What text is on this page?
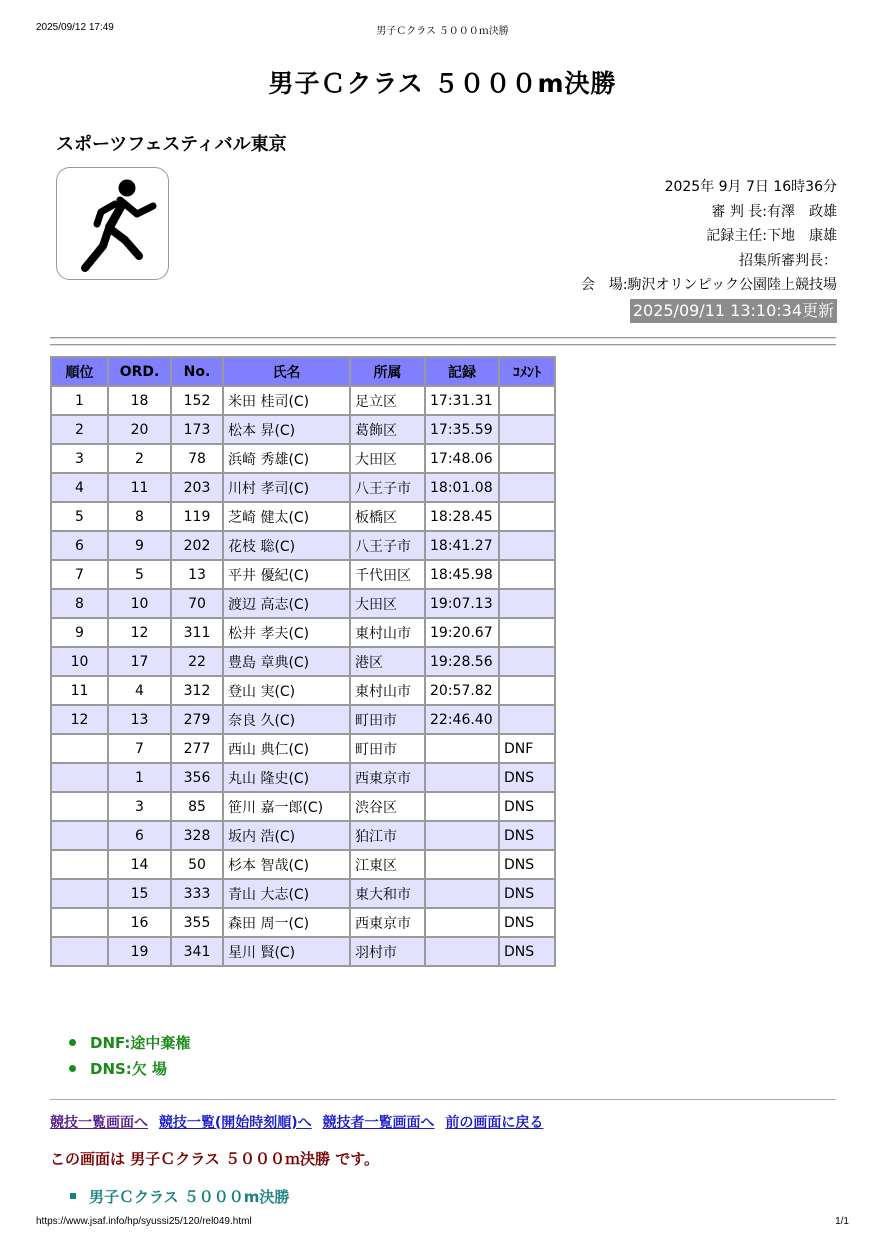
2025/09/12 17:49	男子Ｃクラス ５０００ｍ決勝
男子Ｃクラス ５０００m決勝
スポーツフェスティバル東京
2025年 9月 7日 16時36分
審 判 長:有澤　政雄
記録主任:下地　康雄
招集所審判長：
会　場:駒沢オリンピック公園陸上競技場
2025/09/11 13:10:34更新
順位	ORD.	No.	氏名	所属	記録	ｺﾒﾝﾄ
1	18	152	米田 桂司(C)	足立区	17:31.31	
2	20	173	松本 昇(C)	葛飾区	17:35.59	
3	2	78	浜崎 秀雄(C)	大田区	17:48.06	
4	11	203	川村 孝司(C)	八王子市	18:01.08	
5	8	119	芝崎 健太(C)	板橋区	18:28.45	
6	9	202	花枝 聡(C)	八王子市	18:41.27	
7	5	13	平井 優紀(C)	千代田区	18:45.98	
8	10	70	渡辺 高志(C)	大田区	19:07.13	
9	12	311	松井 孝夫(C)	東村山市	19:20.67	
10	17	22	豊島 章典(C)	港区	19:28.56	
11	4	312	登山 実(C)	東村山市	20:57.82	
12	13	279	奈良 久(C)	町田市	22:46.40	
	7	277	西山 典仁(C)	町田市		DNF
	1	356	丸山 隆史(C)	西東京市		DNS
	3	85	笹川 嘉一郎(C)	渋谷区		DNS
	6	328	坂内 浩(C)	狛江市		DNS
	14	50	杉本 智哉(C)	江東区		DNS
	15	333	青山 大志(C)	東大和市		DNS
	16	355	森田 周一(C)	西東京市		DNS
	19	341	星川 賢(C)	羽村市		DNS
DNF:途中棄権
DNS:欠 場
競技一覧画面へ 競技一覧(開始時刻順)へ 競技者一覧画面へ 前の画面に戻る
この画面は 男子Ｃクラス ５０００ｍ決勝 です。
男子Ｃクラス ５０００m決勝
https://www.jsaf.info/hp/syussi25/120/rel049.html	1/1
